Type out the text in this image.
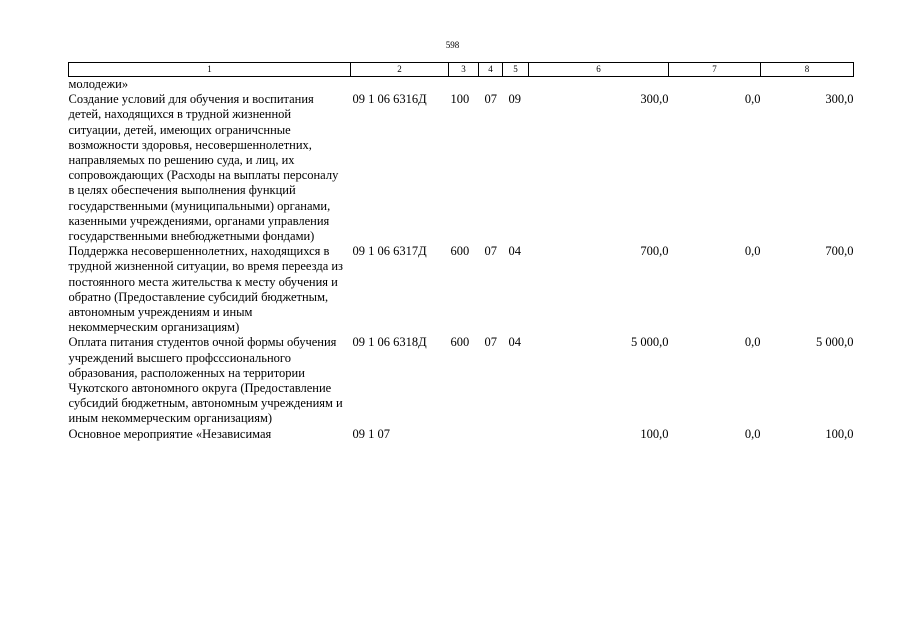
598
1	2	3	4	5	6	7	8
молодежи»							
Создание условий для обучения и воспитания детей, находящихся в трудной жизненной ситуации, детей, имеющих ограничснные возможности здоровья, несовершеннолетних, направляемых по решению суда, и лиц, их сопровождающих (Расходы на выплаты персоналу в целях обеспечения выполнения функций государственными (муниципальными) органами, казенными учреждениями, органами управления государственными внебюджетными фондами)	09 1 06 6316Д	100	07	09	300,0	0,0	300,0
Поддержка несовершеннолетних, находящихся в трудной жизненной ситуации, во время переезда из постоянного места жительства к месту обучения и обратно (Предоставление субсидий бюджетным, автономным учреждениям и иным некоммерческим организациям)	09 1 06 6317Д	600	07	04	700,0	0,0	700,0
Оплата питания студентов очной формы обучения учреждений высшего профсссионального образования, расположенных на территории Чукотского автономного округа (Предоставление субсидий бюджетным, автономным учреждениям и иным некоммерческим организациям)	09 1 06 6318Д	600	07	04	5 000,0	0,0	5 000,0
Основное мероприятие «Независимая	09 1 07				100,0	0,0	100,0
